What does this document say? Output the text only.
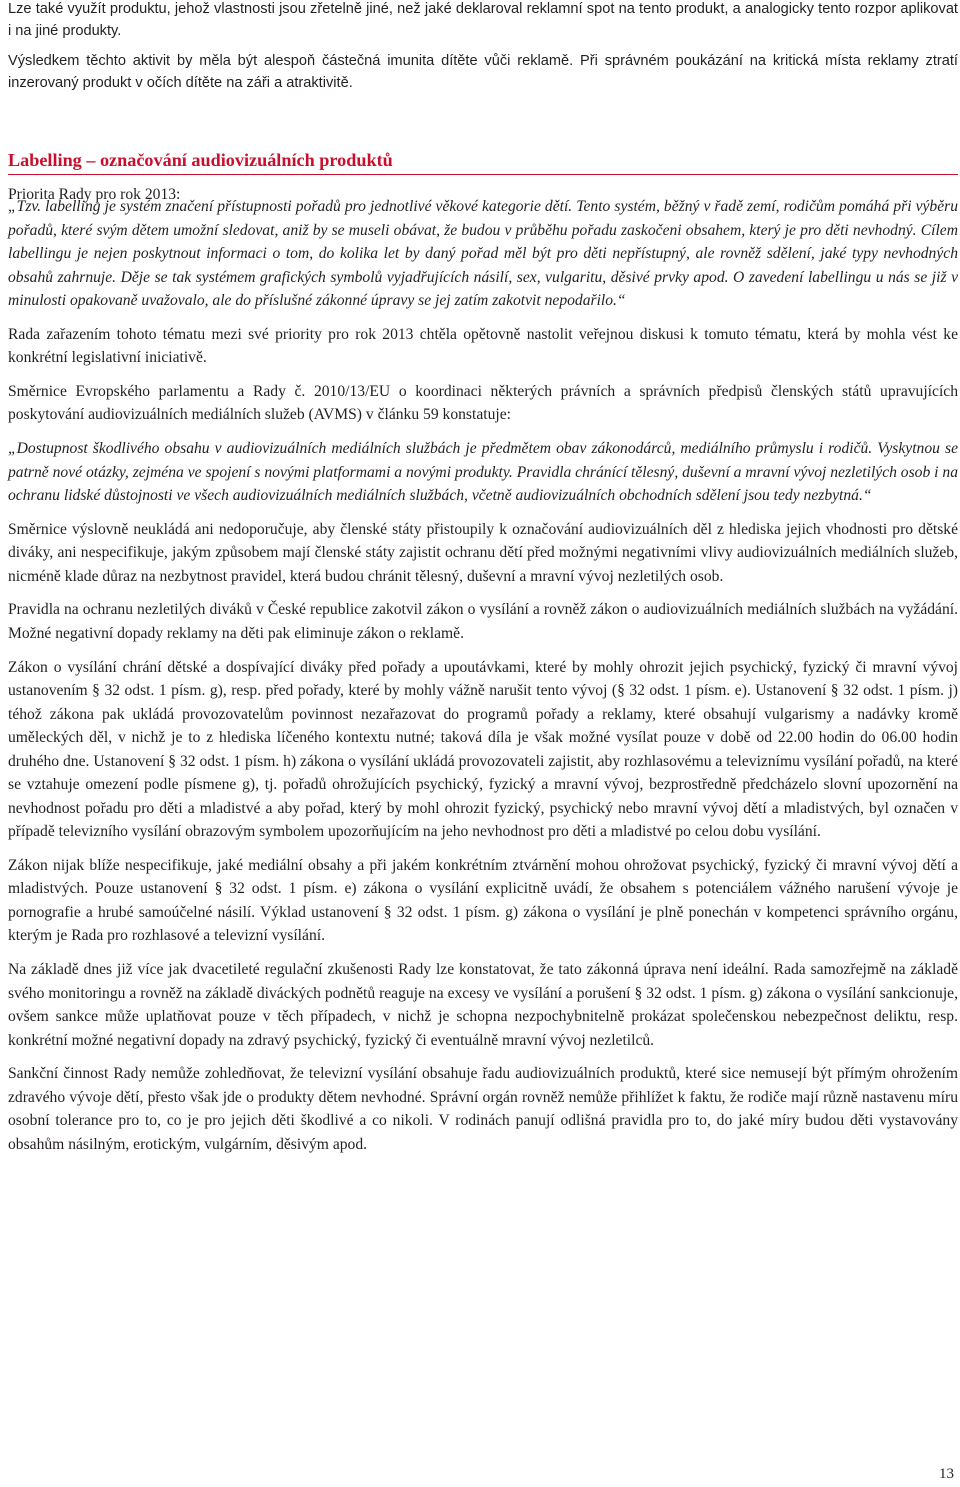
Lze také využít produktu, jehož vlastnosti jsou zřetelně jiné, než jaké deklaroval reklamní spot na tento produkt, a analogicky tento rozpor aplikovat i na jiné produkty.

Výsledkem těchto aktivit by měla být alespoň částečná imunita dítěte vůči reklamě. Při správném poukázání na kritická místa reklamy ztratí inzerovaný produkt v očích dítěte na záři a atraktivitě.

Labelling – označování audiovizuálních produktů
Priorita Rady pro rok 2013:

„Tzv. labelling je systém značení přístupnosti pořadů pro jednotlivé věkové kategorie dětí. Tento systém, běžný v řadě zemí, rodičům pomáhá při výběru pořadů, které svým dětem umožní sledovat, aniž by se museli obávat, že budou v průběhu pořadu zaskočeni obsahem, který je pro děti nevhodný. Cílem labellingu je nejen poskytnout informaci o tom, do kolika let by daný pořad měl být pro děti nepřístupný, ale rovněž sdělení, jaké typy nevhodných obsahů zahrnuje. Děje se tak systémem grafických symbolů vyjadřujících násilí, sex, vulgaritu, děsivé prvky apod. O zavedení labellingu u nás se již v minulosti opakovaně uvažovalo, ale do příslušné zákonné úpravy se jej zatím zakotvit nepodařilo.“

Rada zařazením tohoto tématu mezi své priority pro rok 2013 chtěla opětovně nastolit veřejnou diskusi k tomuto tématu, která by mohla vést ke konkrétní legislativní iniciativě.

Směrnice Evropského parlamentu a Rady č. 2010/13/EU o koordinaci některých právních a správních předpisů členských států upravujících poskytování audiovizuálních mediálních služeb (AVMS) v článku 59 konstatuje:

„Dostupnost škodlivého obsahu v audiovizuálních mediálních službách je předmětem obav zákonodárců, mediálního průmyslu i rodičů. Vyskytnou se patrně nové otázky, zejména ve spojení s novými platformami a novými produkty. Pravidla chránící tělesný, duševní a mravní vývoj nezletilých osob i na ochranu lidské důstojnosti ve všech audiovizuálních mediálních službách, včetně audiovizuálních obchodních sdělení jsou tedy nezbytná.“

Směrnice výslovně neukládá ani nedoporučuje, aby členské státy přistoupily k označování audiovizuálních děl z hlediska jejich vhodnosti pro dětské diváky, ani nespecifikuje, jakým způsobem mají členské státy zajistit ochranu dětí před možnými negativními vlivy audiovizuálních mediálních služeb, nicméně klade důraz na nezbytnost pravidel, která budou chránit tělesný, duševní a mravní vývoj nezletilých osob.

Pravidla na ochranu nezletilých diváků v České republice zakotvil zákon o vysílání a rovněž zákon o audiovizuálních mediálních službách na vyžádání. Možné negativní dopady reklamy na děti pak eliminuje zákon o reklamě.

Zákon o vysílání chrání dětské a dospívající diváky před pořady a upoutávkami, které by mohly ohrozit jejich psychický, fyzický či mravní vývoj ustanovením § 32 odst. 1 písm. g), resp. před pořady, které by mohly vážně narušit tento vývoj (§ 32 odst. 1 písm. e). Ustanovení § 32 odst. 1 písm. j) téhož zákona pak ukládá provozovatelům povinnost nezařazovat do programů pořady a reklamy, které obsahují vulgarismy a nadávky kromě uměleckých děl, v nichž je to z hlediska líčeného kontextu nutné; taková díla je však možné vysílat pouze v době od 22.00 hodin do 06.00 hodin druhého dne. Ustanovení § 32 odst. 1 písm. h) zákona o vysílání ukládá provozovateli zajistit, aby rozhlasovému a televiznímu vysílání pořadů, na které se vztahuje omezení podle písmene g), tj. pořadů ohrožujících psychický, fyzický a mravní vývoj, bezprostředně předcházelo slovní upozornění na nevhodnost pořadu pro děti a mladistvé a aby pořad, který by mohl ohrozit fyzický, psychický nebo mravní vývoj dětí a mladistvých, byl označen v případě televizního vysílání obrazovým symbolem upozorňujícím na jeho nevhodnost pro děti a mladistvé po celou dobu vysílání.

Zákon nijak blíže nespecifikuje, jaké mediální obsahy a při jakém konkrétním ztvárnění mohou ohrožovat psychický, fyzický či mravní vývoj dětí a mladistvých. Pouze ustanovení § 32 odst. 1 písm. e) zákona o vysílání explicitně uvádí, že obsahem s potenciálem vážného narušení vývoje je pornografie a hrubé samoúčelné násilí. Výklad ustanovení § 32 odst. 1 písm. g) zákona o vysílání je plně ponechán v kompetenci správního orgánu, kterým je Rada pro rozhlasové a televizní vysílání.

Na základě dnes již více jak dvacetileté regulační zkušenosti Rady lze konstatovat, že tato zákonná úprava není ideální. Rada samozřejmě na základě svého monitoringu a rovněž na základě diváckých podnětů reaguje na excesy ve vysílání a porušení § 32 odst. 1 písm. g) zákona o vysílání sankcionuje, ovšem sankce může uplatňovat pouze v těch případech, v nichž je schopna nezpochybnitelně prokázat společenskou nebezpečnost deliktu, resp. konkrétní možné negativní dopady na zdravý psychický, fyzický či eventuálně mravní vývoj nezletilců.

Sankční činnost Rady nemůže zohledňovat, že televizní vysílání obsahuje řadu audiovizuálních produktů, které sice nemusejí být přímým ohrožením zdravého vývoje dětí, přesto však jde o produkty dětem nevhodné. Správní orgán rovněž nemůže přihlížet k faktu, že rodiče mají různě nastavenu míru osobní tolerance pro to, co je pro jejich děti škodlivé a co nikoli. V rodinách panují odlišná pravidla pro to, do jaké míry budou děti vystavovány obsahům násilným, erotickým, vulgárním, děsivým apod.

13
